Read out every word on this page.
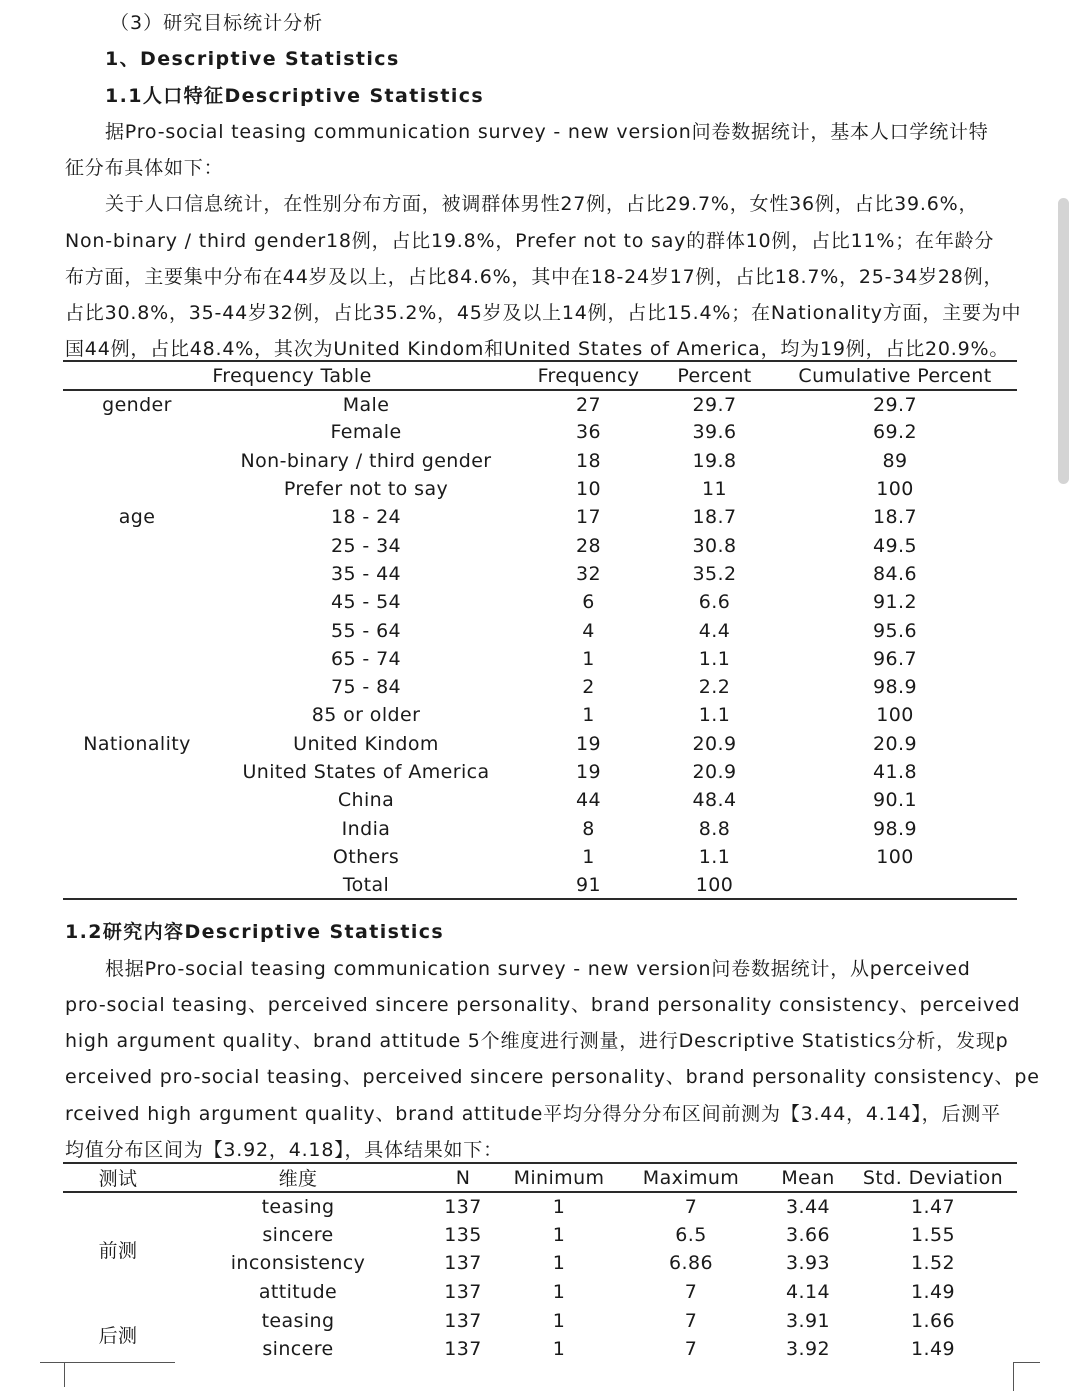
（3）研究目标统计分析
1、Descriptive Statistics
1.1人口特征Descriptive Statistics
据Pro-social teasing communication survey - new version问卷数据统计，基本人口学统计特
征分布具体如下：
关于人口信息统计，在性别分布方面，被调群体男性27例，占比29.7%，女性36例，占比39.6%，
Non-binary / third gender18例，占比19.8%，Prefer not to say的群体10例，占比11%；在年龄分
布方面，主要集中分布在44岁及以上，占比84.6%，其中在18-24岁17例，占比18.7%，25-34岁28例，
占比30.8%，35-44岁32例，占比35.2%，45岁及以上14例，占比15.4%；在Nationality方面，主要为中
国44例，占比48.4%，其次为United Kindom和United States of America，均为19例，占比20.9%。
Frequency Table		Frequency	Percent	Cumulative Percent
gender	Male	27	29.7	29.7
	Female	36	39.6	69.2
	Non-binary / third gender	18	19.8	89
	Prefer not to say	10	11	100
age	18 - 24	17	18.7	18.7
	25 - 34	28	30.8	49.5
	35 - 44	32	35.2	84.6
	45 - 54	6	6.6	91.2
	55 - 64	4	4.4	95.6
	65 - 74	1	1.1	96.7
	75 - 84	2	2.2	98.9
	85 or older	1	1.1	100
Nationality	United Kindom	19	20.9	20.9
	United States of America	19	20.9	41.8
	China	44	48.4	90.1
	India	8	8.8	98.9
	Others	1	1.1	100
	Total	91	100	
1.2研究内容Descriptive Statistics
根据Pro-social teasing communication survey - new version问卷数据统计，从perceived
pro-social teasing、perceived sincere personality、brand personality consistency、perceived
high argument quality、brand attitude 5个维度进行测量，进行Descriptive Statistics分析，发现p
erceived pro-social teasing、perceived sincere personality、brand personality consistency、pe
rceived high argument quality、brand attitude平均分得分分布区间前测为【3.44，4.14】，后测平
均值分布区间为【3.92，4.18】，具体结果如下：
测试	维度	N	Minimum	Maximum	Mean	Std. Deviation
前测	teasing	137	1	7	3.44	1.47
	sincere	135	1	6.5	3.66	1.55
	inconsistency	137	1	6.86	3.93	1.52
	attitude	137	1	7	4.14	1.49
后测	teasing	137	1	7	3.91	1.66
	sincere	137	1	7	3.92	1.49
